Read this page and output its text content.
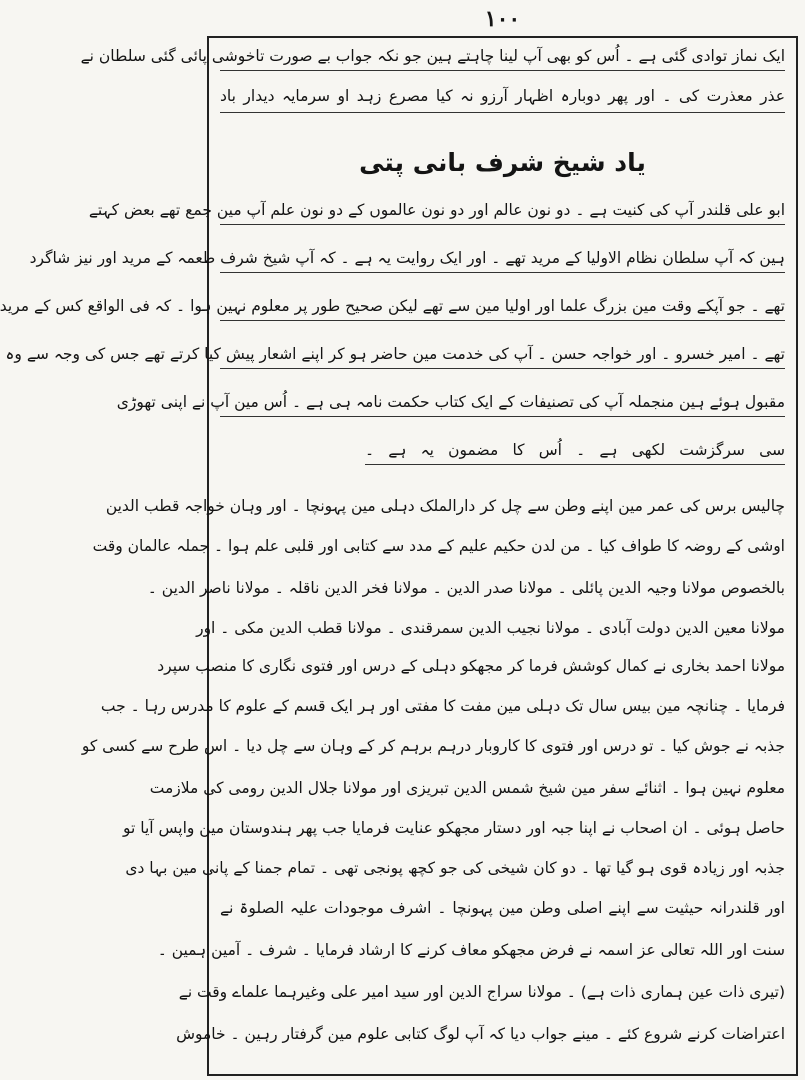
۱۰۰
ایک نماز توادی گئی ہے ۔ اُس کو بھی آپ لینا چاہتے ہین جو نکہ جواب بے صورت تاخوشی پائی گئی سلطان نے
عذر معذرت کی ۔ اور پھر دوبارہ اظہار آرزو نہ کیا مصرع زہد او سرمایہ دیدار باد
یاد شیخ شرف بانی پتی
ابو علی قلندر آپ کی کنیت ہے ۔ دو نون عالم اور دو نون عالموں کے دو نون علم آپ مین جمع تھے بعض کہتے
ہین کہ آپ سلطان نظام الاولیا کے مرید تھے ۔ اور ایک روایت یہ ہے ۔ کہ آپ شیخ شرف طعمہ کے مرید اور نیز شاگرد
تھے ۔ جو آپکے وقت مین بزرگ علما اور اولیا مین سے تھے لیکن صحیح طور پر معلوم نہین ہوا ۔ کہ فی الواقع کس کے مرید
تھے ۔ امیر خسرو ۔ اور خواجہ حسن ۔ آپ کی خدمت مین حاضر ہو کر اپنے اشعار پیش کیا کرتے تھے جس کی وجہ سے وہ
مقبول ہوئے ہین منجملہ آپ کی تصنیفات کے ایک کتاب حکمت نامہ ہی ہے ۔ اُس مین آپ نے اپنی تھوڑی
سی سرگزشت لکھی ہے ۔ اُس کا مضمون یہ ہے ۔
چالیس برس کی عمر مین اپنے وطن سے چل کر دارالملک دہلی مین پہونچا ۔ اور وہان خواجہ قطب الدین
اوشی کے روضہ کا طواف کیا ۔ من لدن حکیم علیم کے مدد سے کتابی اور قلبی علم ہوا ۔ جملہ عالمان وقت
بالخصوص مولانا وجیہ الدین پائلی ۔ مولانا صدر الدین ۔ مولانا فخر الدین ناقلہ ۔ مولانا ناصر الدین ۔
مولانا معین الدین دولت آبادی ۔ مولانا نجیب الدین سمرقندی ۔ مولانا قطب الدین مکی ۔ اور
مولانا احمد بخاری نے کمال کوشش فرما کر مجھکو دہلی کے درس اور فتوی نگاری کا منصب سپرد
فرمایا ۔ چنانچہ مین بیس سال تک دہلی مین مفت کا مفتی اور ہر ایک قسم کے علوم کا مدرس رہا ۔ جب
جذبہ نے جوش کیا ۔ تو درس اور فتوی کا کاروبار درہم برہم کر کے وہان سے چل دیا ۔ اس طرح سے کسی کو
معلوم نہین ہوا ۔ اثنائے سفر مین شیخ شمس الدین تبریزی اور مولانا جلال الدین رومی کی ملازمت
حاصل ہوئی ۔ ان اصحاب نے اپنا جبہ اور دستار مجھکو عنایت فرمایا جب پھر ہندوستان مین واپس آیا تو
جذبہ اور زیادہ قوی ہو گیا تھا ۔ دو کان شیخی کی جو کچھ پونجی تھی ۔ تمام جمنا کے پانی مین بہا دی
اور قلندرانہ حیثیت سے اپنے اصلی وطن مین پہونچا ۔ اشرف موجودات علیہ الصلوۃ نے
سنت اور اللہ تعالی عز اسمہ نے فرض مجھکو معاف کرنے کا ارشاد فرمایا ۔ شرف ۔ آمین ہمین ۔
(تیری ذات عین ہماری ذات ہے) ۔ مولانا سراج الدین اور سید امیر علی وغیرہما علماے وقت نے
اعتراضات کرنے شروع کئے ۔ مینے جواب دیا کہ آپ لوگ کتابی علوم مین گرفتار رہین ۔ خاموش
